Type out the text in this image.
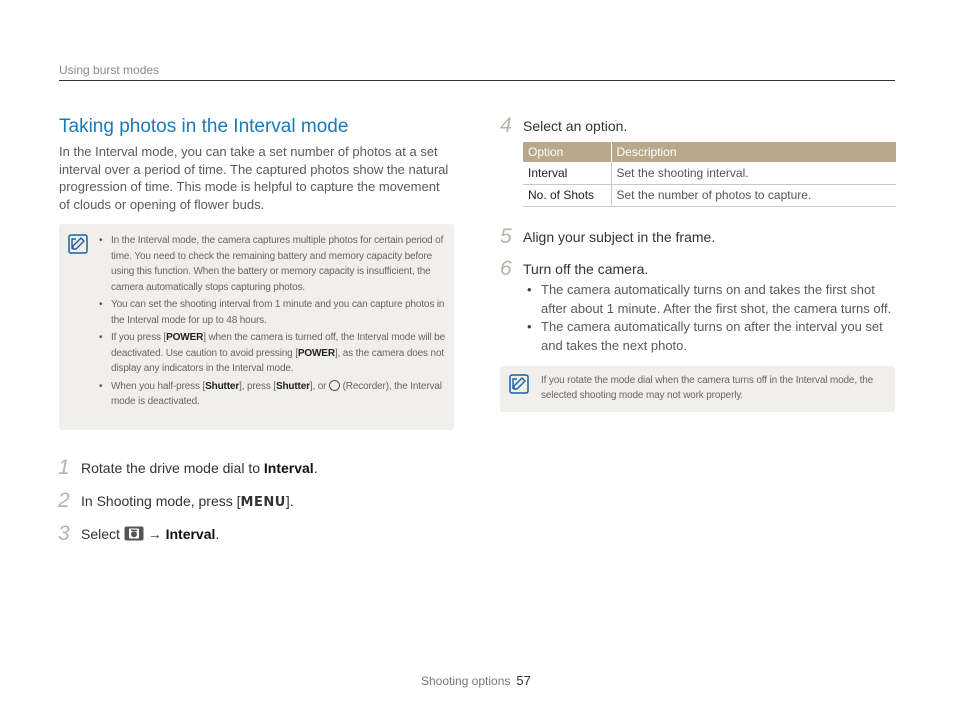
Using burst modes
Taking photos in the Interval mode
In the Interval mode, you can take a set number of photos at a set interval over a period of time. The captured photos show the natural progression of time. This mode is helpful to capture the movement of clouds or opening of flower buds.
• In the Interval mode, the camera captures multiple photos for certain period of time. You need to check the remaining battery and memory capacity before using this function. When the battery or memory capacity is insufficient, the camera automatically stops capturing photos.
• You can set the shooting interval from 1 minute and you can capture photos in the Interval mode for up to 48 hours.
• If you press [POWER] when the camera is turned off, the Interval mode will be deactivated. Use caution to avoid pressing [POWER], as the camera does not display any indicators in the Interval mode.
• When you half-press [Shutter], press [Shutter], or  (Recorder), the Interval mode is deactivated.
1 Rotate the drive mode dial to Interval.
2 In Shooting mode, press [MENU].
3 Select  → Interval.
4 Select an option.
Option	Description
Interval	Set the shooting interval.
No. of Shots	Set the number of photos to capture.
5 Align your subject in the frame.
6 Turn off the camera.
• The camera automatically turns on and takes the first shot after about 1 minute. After the first shot, the camera turns off.
• The camera automatically turns on after the interval you set and takes the next photo.
If you rotate the mode dial when the camera turns off in the Interval mode, the selected shooting mode may not work properly.
Shooting options 57
